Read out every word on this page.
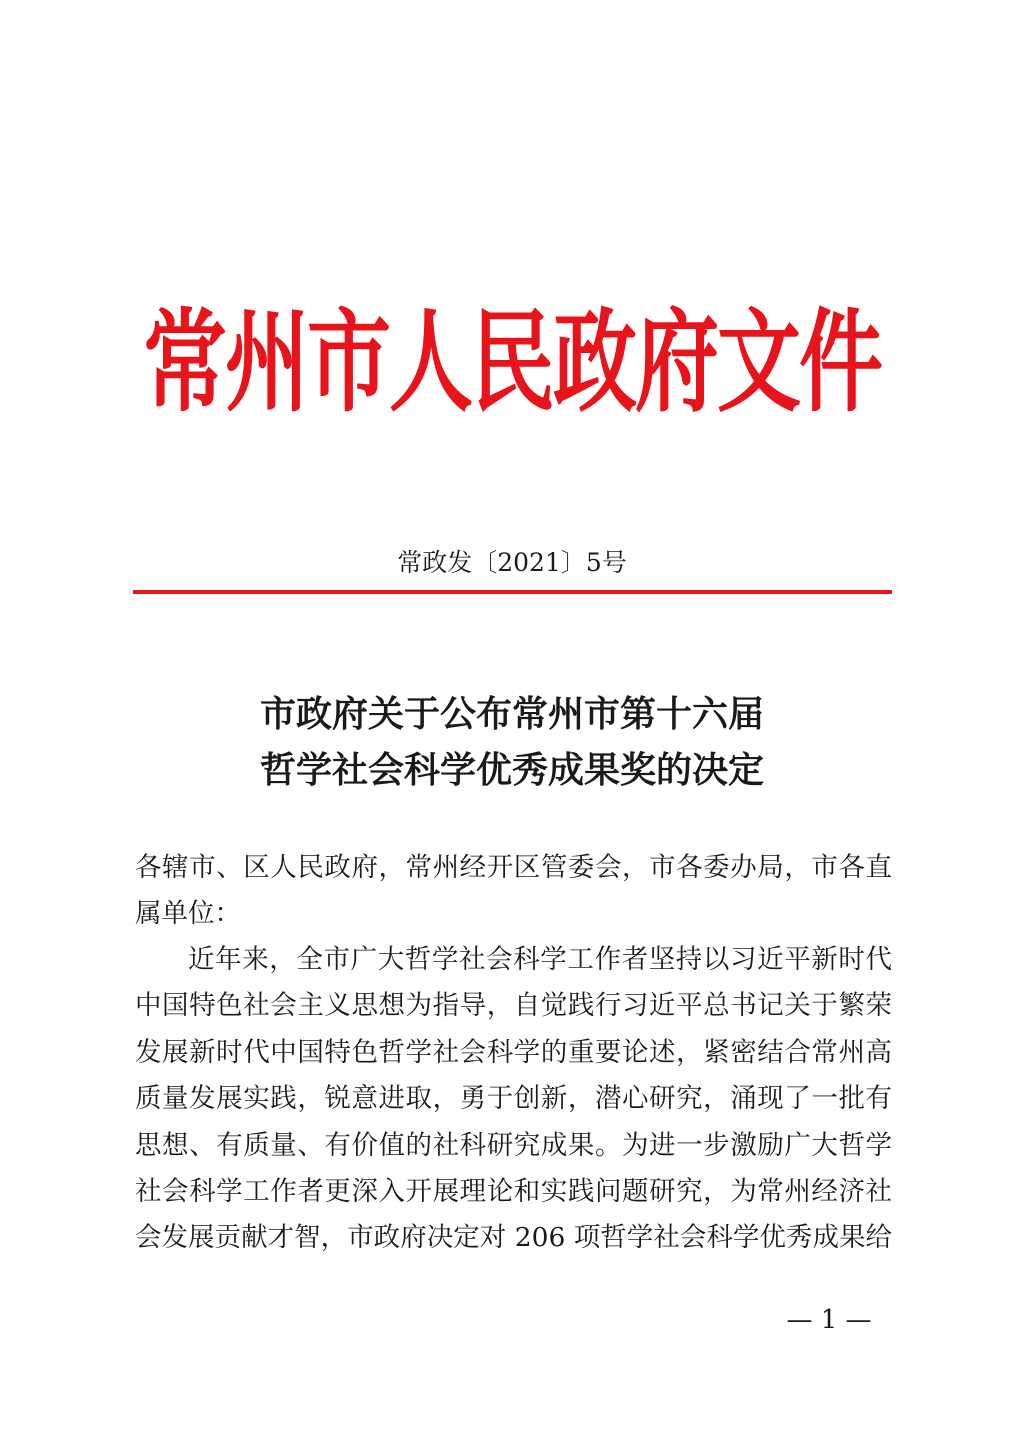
常州市人民政府文件
常政发〔2021〕5号
市政府关于公布常州市第十六届
哲学社会科学优秀成果奖的决定
各辖市、区人民政府，常州经开区管委会，市各委办局，市各直
属单位：
近年来，全市广大哲学社会科学工作者坚持以习近平新时代
中国特色社会主义思想为指导，自觉践行习近平总书记关于繁荣
发展新时代中国特色哲学社会科学的重要论述，紧密结合常州高
质量发展实践，锐意进取，勇于创新，潜心研究，涌现了一批有
思想、有质量、有价值的社科研究成果。为进一步激励广大哲学
社会科学工作者更深入开展理论和实践问题研究，为常州经济社
会发展贡献才智，市政府决定对 206 项哲学社会科学优秀成果给
— 1 —
